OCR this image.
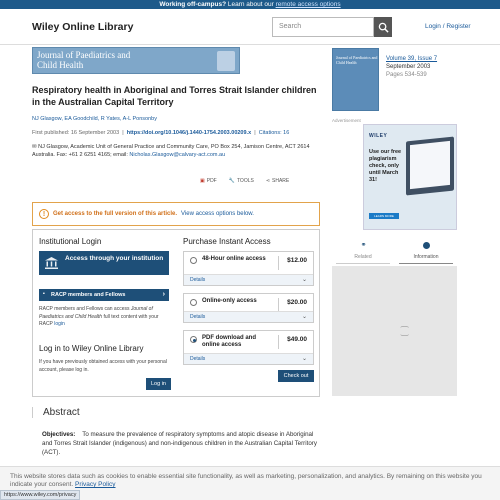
Working off-campus? Learn about our remote access options
Wiley Online Library	Search	Login / Register
Journal of Paediatrics and
Child Health
Respiratory health in Aboriginal and Torres Strait Islander children in the Australian Capital Territory
NJ Glasgow, EA Goodchild, R Yates, A-L Ponsonby
First published: 16 September 2003  |  https://doi.org/10.1046/j.1440-1754.2003.00209.x  |  Citations: 16
✉ NJ Glasgow, Academic Unit of General Practice and Community Care, PO Box 254, Jamison Centre, ACT 2614 Australia. Fax: +61 2 6251 4165; email: Nicholas.Glasgow@calvary-act.com.au
▣ PDF 🔧 TOOLS ⋖ SHARE
!	Get access to the full version of this article. View access options below.
Institutional Login
Access through your institution
▪ RACP members and Fellows	›
RACP members and Fellows can access Journal of Paediatrics and Child Health full text content with your RACP login
Log in to Wiley Online Library
If you have previously obtained access with your personal account, please log in.
Log in
Purchase Instant Access
48-Hour online access	$12.00
Details	⌄
Online-only access	$20.00
Details	⌄
PDF download and online access
$49.00
Details	⌄
Check out
Abstract
Objectives: To measure the prevalence of respiratory symptoms and atopic disease in Aboriginal and Torres Strait Islander (indigenous) and non-indigenous children in the Australian Capital Territory (ACT).
Journal of Paediatrics and
Child Health
Volume 39, Issue 7
September 2003
Pages 534-539
Advertisement
WILEY
Use our free plagiarism check, only until March 31!
LEARN MORE
⚭
Related	Information
⁐
This website stores data such as cookies to enable essential site functionality, as well as marketing, personalization, and analytics. By remaining on this website you indicate your consent. Privacy Policy
https://www.wiley.com/privacy
